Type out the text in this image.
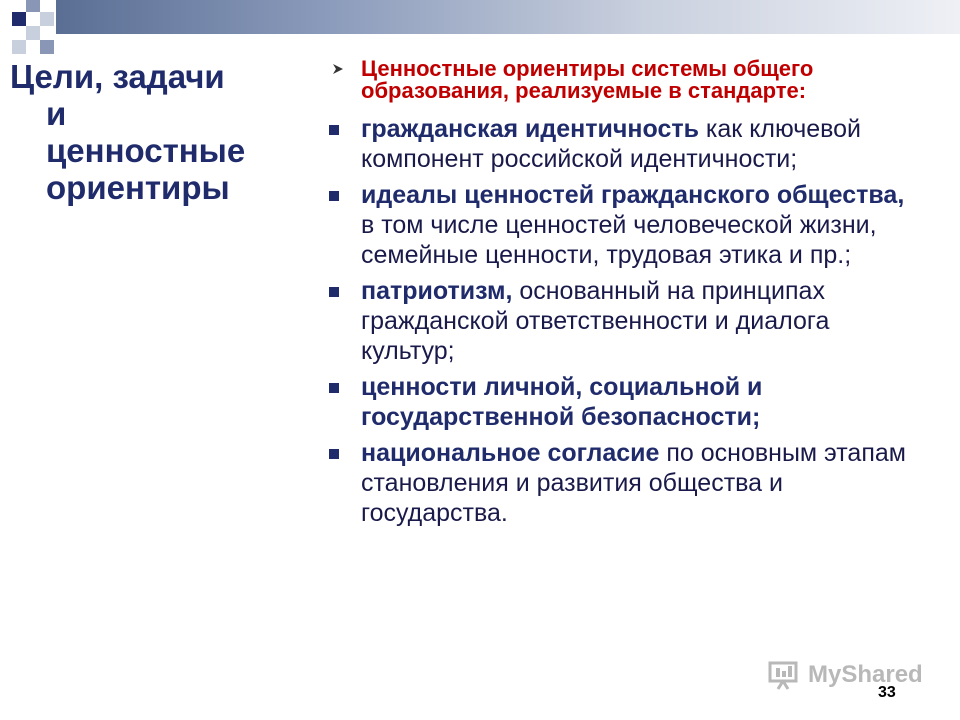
Цели, задачи
и
ценностные
ориентиры
Ценностные ориентиры системы общего образования, реализуемые в стандарте:
гражданская идентичность как ключевой компонент российской идентичности;
идеалы ценностей гражданского общества, в том числе ценностей человеческой жизни, семейные ценности, трудовая этика и пр.;
патриотизм, основанный на принципах гражданской ответственности и диалога культур;
ценности личной, социальной и государственной безопасности;
национальное согласие по основным этапам становления и развития общества и государства.
MyShared
33
